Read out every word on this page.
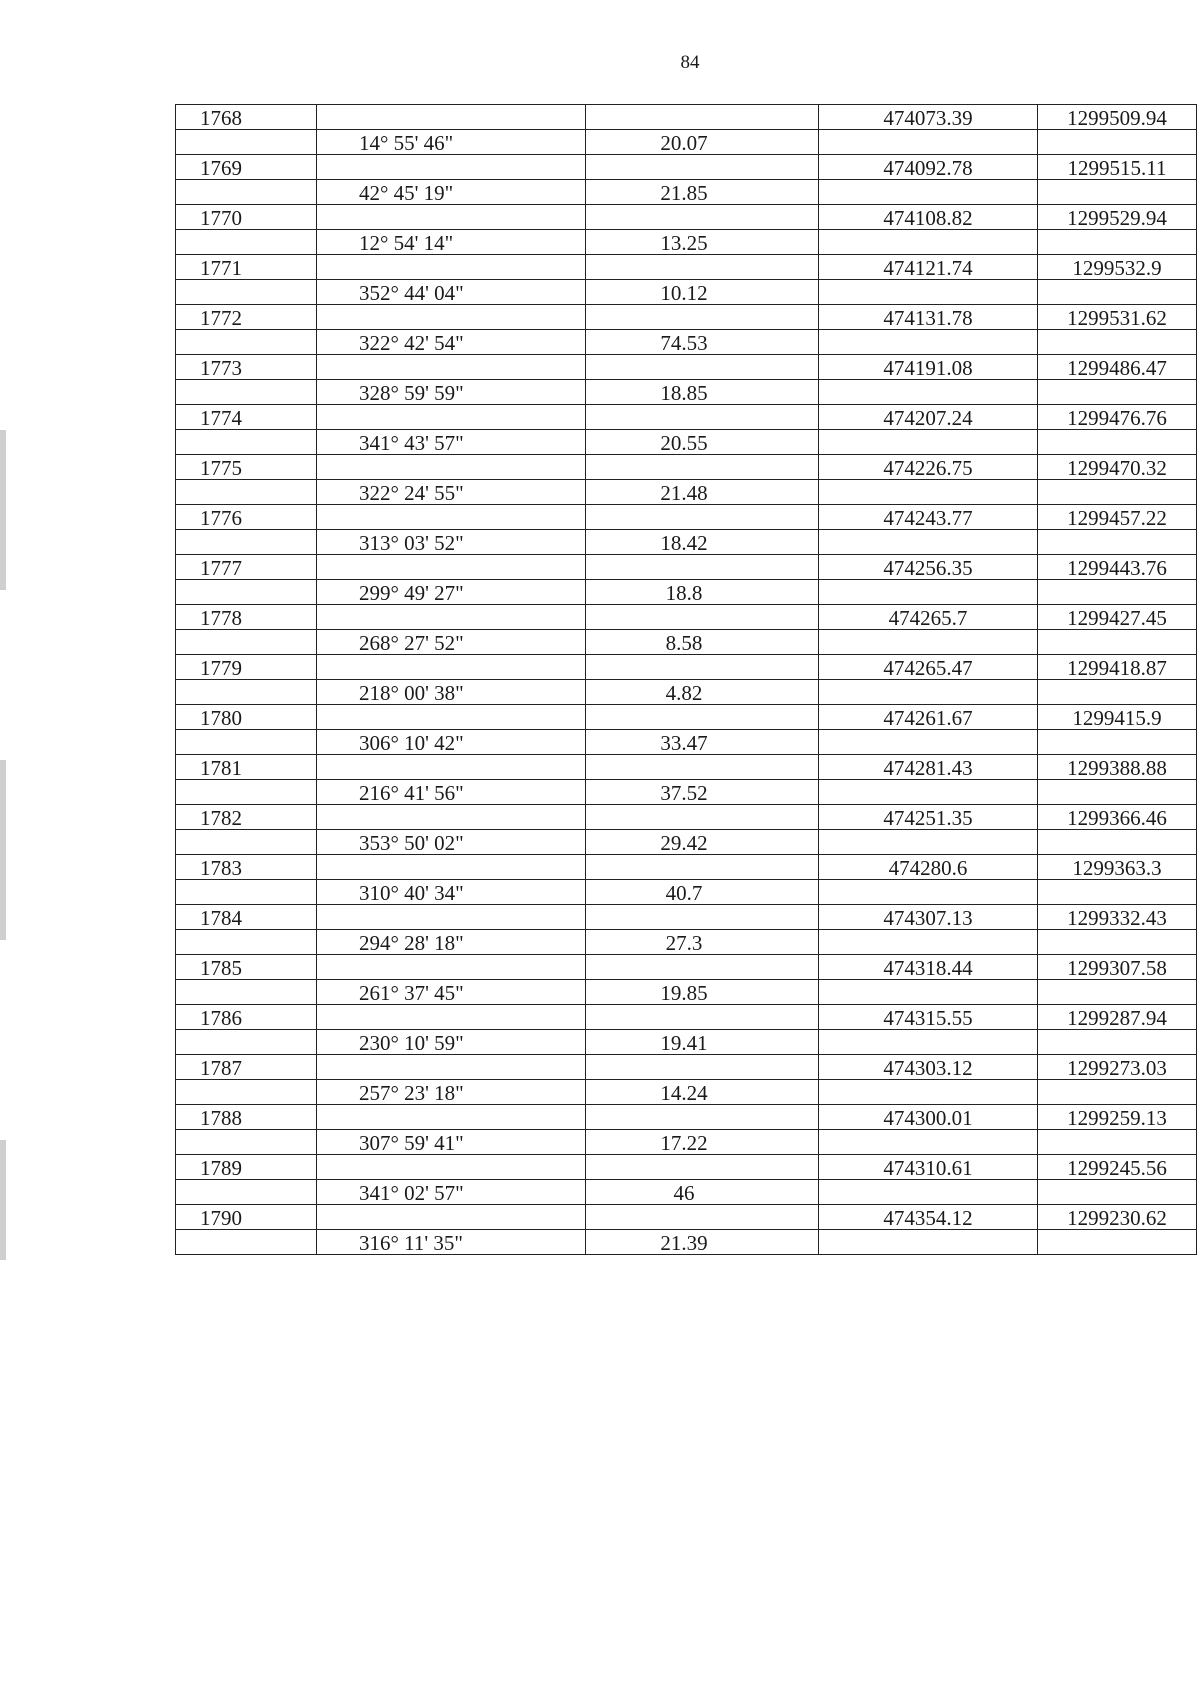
84
1768			474073.39	1299509.94
	14° 55' 46"	20.07		
1769			474092.78	1299515.11
	42° 45' 19"	21.85		
1770			474108.82	1299529.94
	12° 54' 14"	13.25		
1771			474121.74	1299532.9
	352° 44' 04"	10.12		
1772			474131.78	1299531.62
	322° 42' 54"	74.53		
1773			474191.08	1299486.47
	328° 59' 59"	18.85		
1774			474207.24	1299476.76
	341° 43' 57"	20.55		
1775			474226.75	1299470.32
	322° 24' 55"	21.48		
1776			474243.77	1299457.22
	313° 03' 52"	18.42		
1777			474256.35	1299443.76
	299° 49' 27"	18.8		
1778			474265.7	1299427.45
	268° 27' 52"	8.58		
1779			474265.47	1299418.87
	218° 00' 38"	4.82		
1780			474261.67	1299415.9
	306° 10' 42"	33.47		
1781			474281.43	1299388.88
	216° 41' 56"	37.52		
1782			474251.35	1299366.46
	353° 50' 02"	29.42		
1783			474280.6	1299363.3
	310° 40' 34"	40.7		
1784			474307.13	1299332.43
	294° 28' 18"	27.3		
1785			474318.44	1299307.58
	261° 37' 45"	19.85		
1786			474315.55	1299287.94
	230° 10' 59"	19.41		
1787			474303.12	1299273.03
	257° 23' 18"	14.24		
1788			474300.01	1299259.13
	307° 59' 41"	17.22		
1789			474310.61	1299245.56
	341° 02' 57"	46		
1790			474354.12	1299230.62
	316° 11' 35"	21.39		
